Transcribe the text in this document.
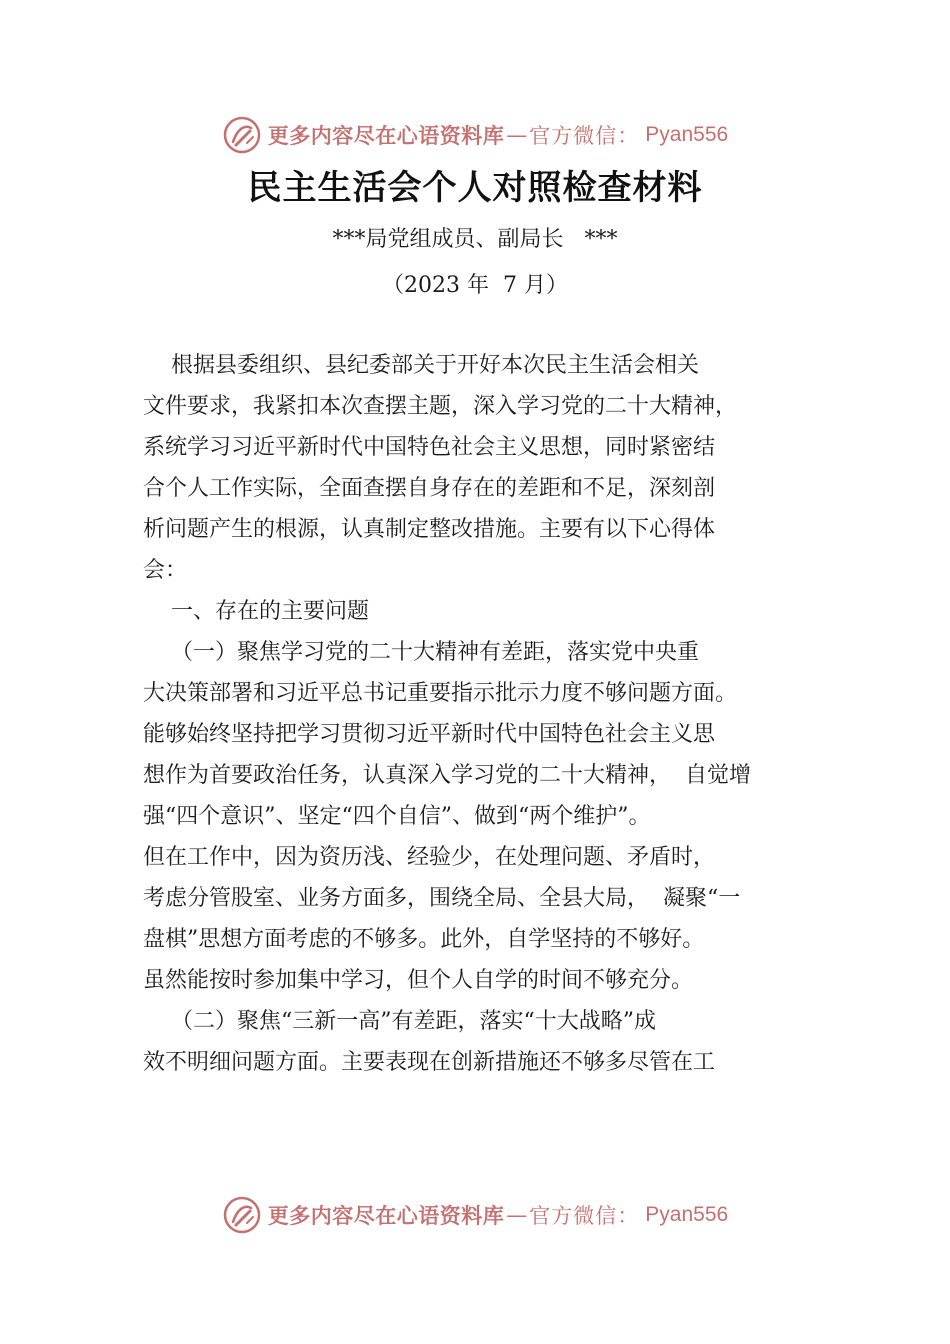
更多内容尽在心语资料库 — 官方微信： Pyan556
民主生活会个人对照检查材料
***局党组成员、副局长   ***
（2023 年  7 月）

根据县委组织、县纪委部关于开好本次民主生活会相关

文件要求，我紧扣本次查摆主题，深入学习党的二十大精神，

系统学习习近平新时代中国特色社会主义思想，同时紧密结

合个人工作实际，全面查摆自身存在的差距和不足，深刻剖

析问题产生的根源，认真制定整改措施。主要有以下心得体

会：

一、存在的主要问题

（一）聚焦学习党的二十大精神有差距，落实党中央重

大决策部署和习近平总书记重要指示批示力度不够问题方面。

能够始终坚持把学习贯彻习近平新时代中国特色社会主义思

想作为首要政治任务，认真深入学习党的二十大精神，  自觉增

强“四个意识”、坚定“四个自信”、做到“两个维护”。

但在工作中，因为资历浅、经验少，在处理问题、矛盾时，

考虑分管股室、业务方面多，围绕全局、全县大局，  凝聚“一

盘棋”思想方面考虑的不够多。此外，自学坚持的不够好。

虽然能按时参加集中学习，但个人自学的时间不够充分。

（二）聚焦“三新一高”有差距，落实“十大战略”成

效不明细问题方面。主要表现在创新措施还不够多尽管在工

更多内容尽在心语资料库 — 官方微信： Pyan556
